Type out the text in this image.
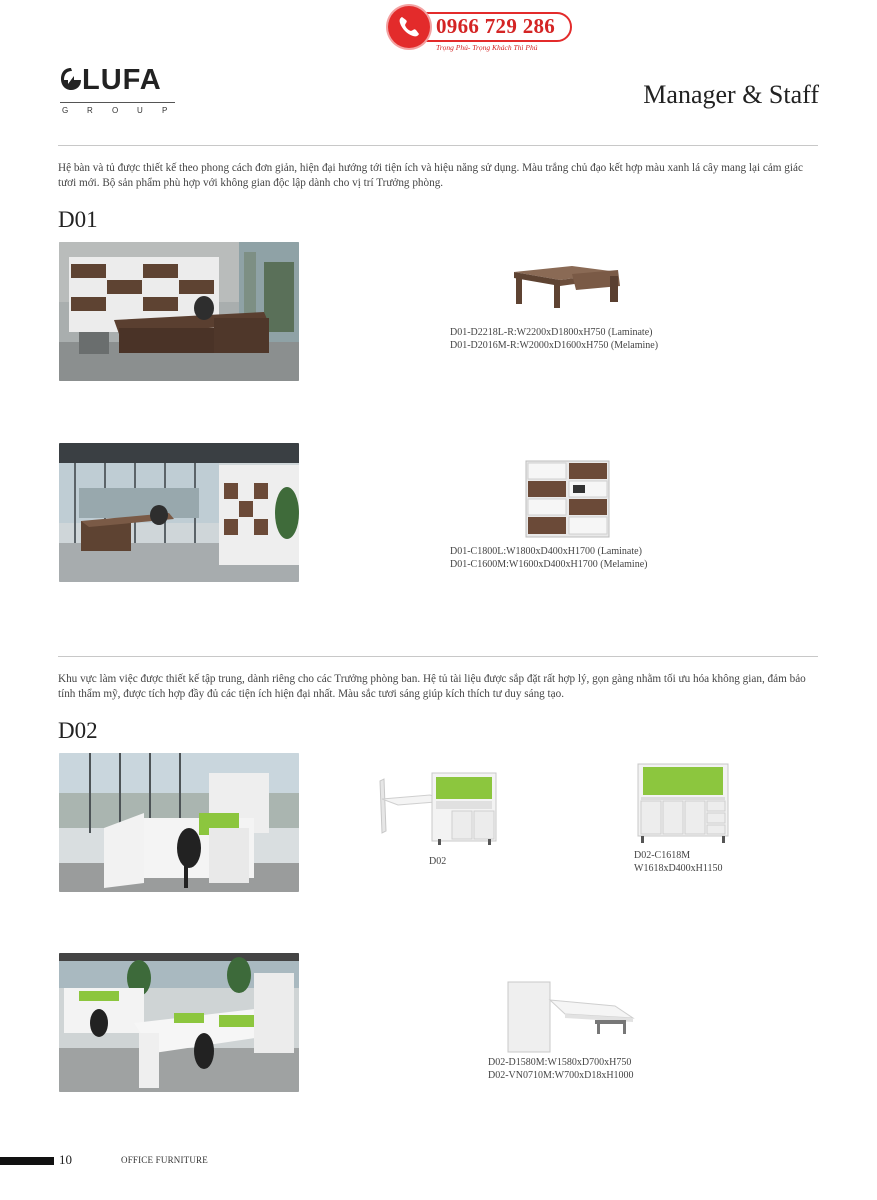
0966 729 286
Trọng Phú- Trọng Khách Thì Phú
LUFA
G R O U P
Manager & Staff
Hệ bàn và tủ được thiết kế theo phong cách đơn giản, hiện đại hướng tới tiện ích và hiệu năng sử dụng. Màu trắng chủ đạo kết hợp màu xanh lá cây mang lại cảm giác tươi mới. Bộ sản phẩm phù hợp với không gian độc lập dành cho vị trí Trưởng phòng.
D01
D01-D2218L-R:W2200xD1800xH750 (Laminate)
D01-D2016M-R:W2000xD1600xH750 (Melamine)
D01-C1800L:W1800xD400xH1700 (Laminate)
D01-C1600M:W1600xD400xH1700 (Melamine)
Khu vực làm việc được thiết kế tập trung, dành riêng cho các Trưởng phòng ban. Hệ tủ tài liệu được sắp đặt rất hợp lý, gọn gàng nhằm tối ưu hóa không gian, đảm bảo tính thẩm mỹ, được tích hợp đầy đủ các tiện ích hiện đại nhất. Màu sắc tươi sáng giúp kích thích tư duy sáng tạo.
D02
D02
D02-C1618M
W1618xD400xH1150
D02-D1580M:W1580xD700xH750
D02-VN0710M:W700xD18xH1000
10	OFFICE FURNITURE
